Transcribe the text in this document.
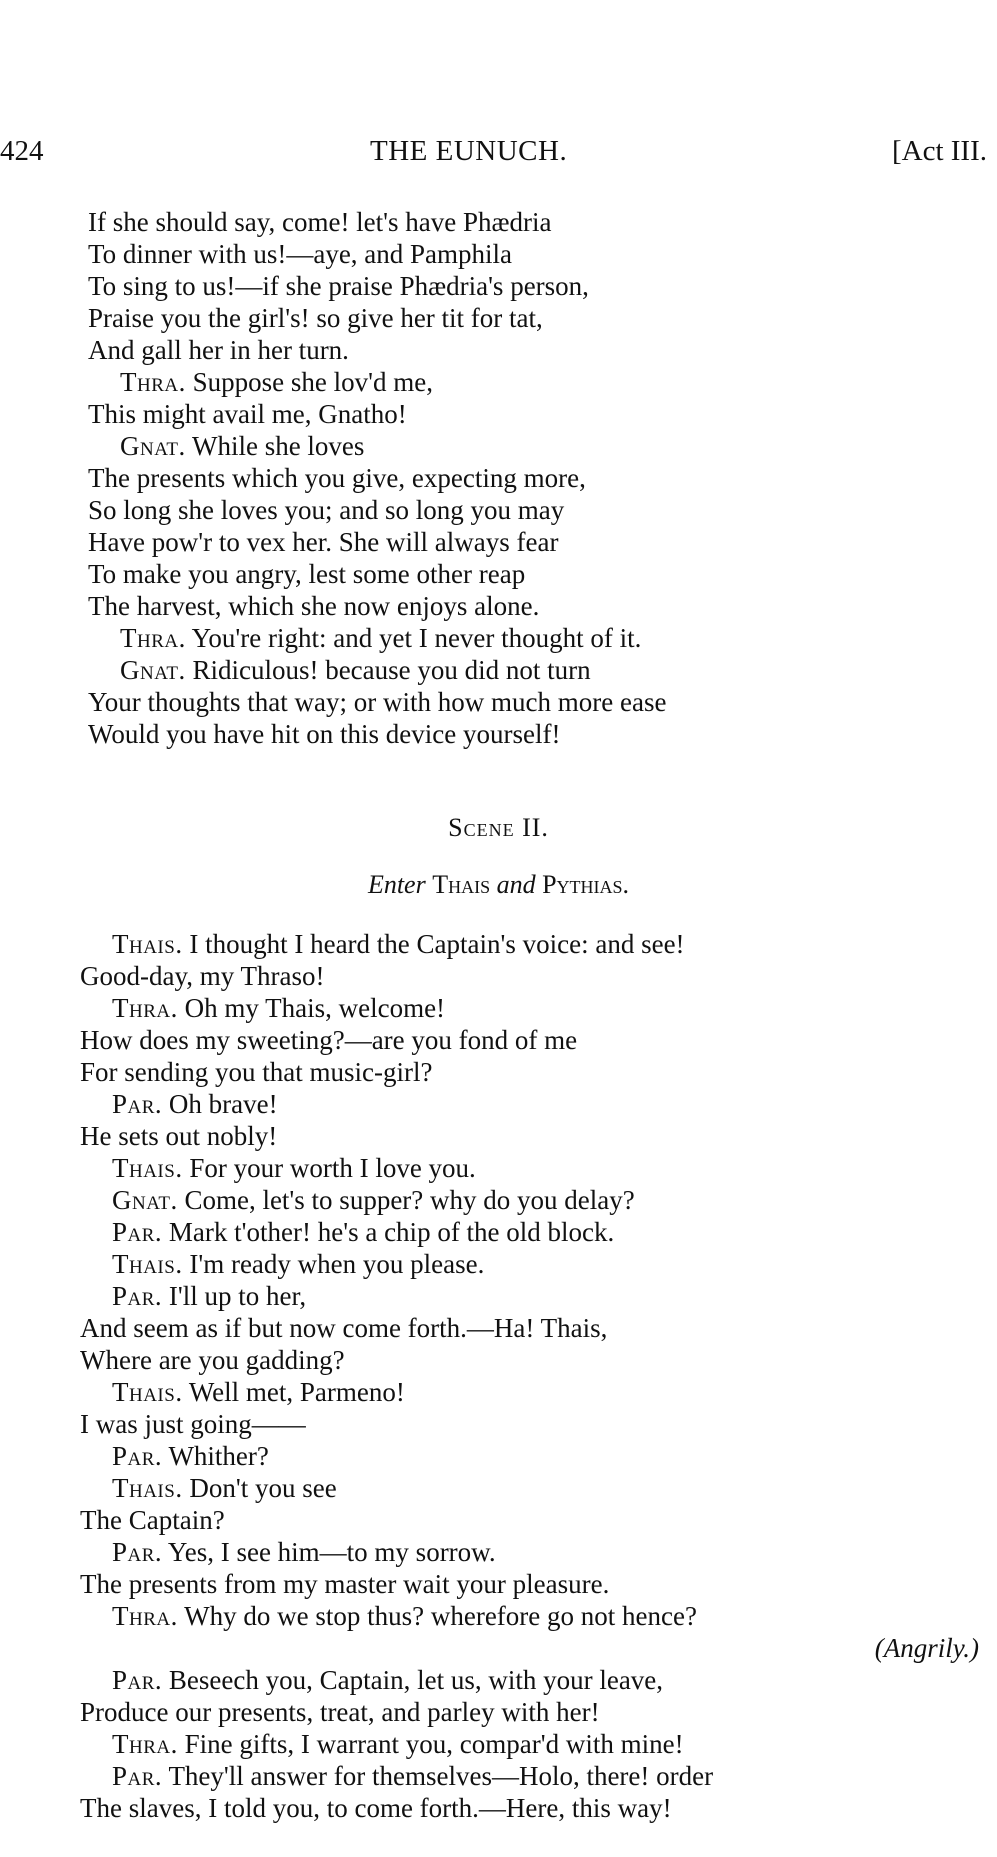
424	THE EUNUCH.	[Act III.
If she should say, come! let's have Phædria
To dinner with us!—aye, and Pamphila
To sing to us!—if she praise Phædria's person,
Praise you the girl's! so give her tit for tat,
And gall her in her turn.
Thra. Suppose she lov'd me,
This might avail me, Gnatho!
Gnat. While she loves
The presents which you give, expecting more,
So long she loves you; and so long you may
Have pow'r to vex her. She will always fear
To make you angry, lest some other reap
The harvest, which she now enjoys alone.
Thra. You're right: and yet I never thought of it.
Gnat. Ridiculous! because you did not turn
Your thoughts that way; or with how much more ease
Would you have hit on this device yourself!
Scene II.
Enter Thais and Pythias.
Thais. I thought I heard the Captain's voice: and see!
Good-day, my Thraso!
Thra. Oh my Thais, welcome!
How does my sweeting?—are you fond of me
For sending you that music-girl?
Par. Oh brave!
He sets out nobly!
Thais. For your worth I love you.
Gnat. Come, let's to supper? why do you delay?
Par. Mark t'other! he's a chip of the old block.
Thais. I'm ready when you please.
Par. I'll up to her,
And seem as if but now come forth.—Ha! Thais,
Where are you gadding?
Thais. Well met, Parmeno!
I was just going——
Par. Whither?
Thais. Don't you see
The Captain?
Par. Yes, I see him—to my sorrow.
The presents from my master wait your pleasure.
Thra. Why do we stop thus? wherefore go not hence?
(Angrily.)
Par. Beseech you, Captain, let us, with your leave,
Produce our presents, treat, and parley with her!
Thra. Fine gifts, I warrant you, compar'd with mine!
Par. They'll answer for themselves—Holo, there! order
The slaves, I told you, to come forth.—Here, this way!
